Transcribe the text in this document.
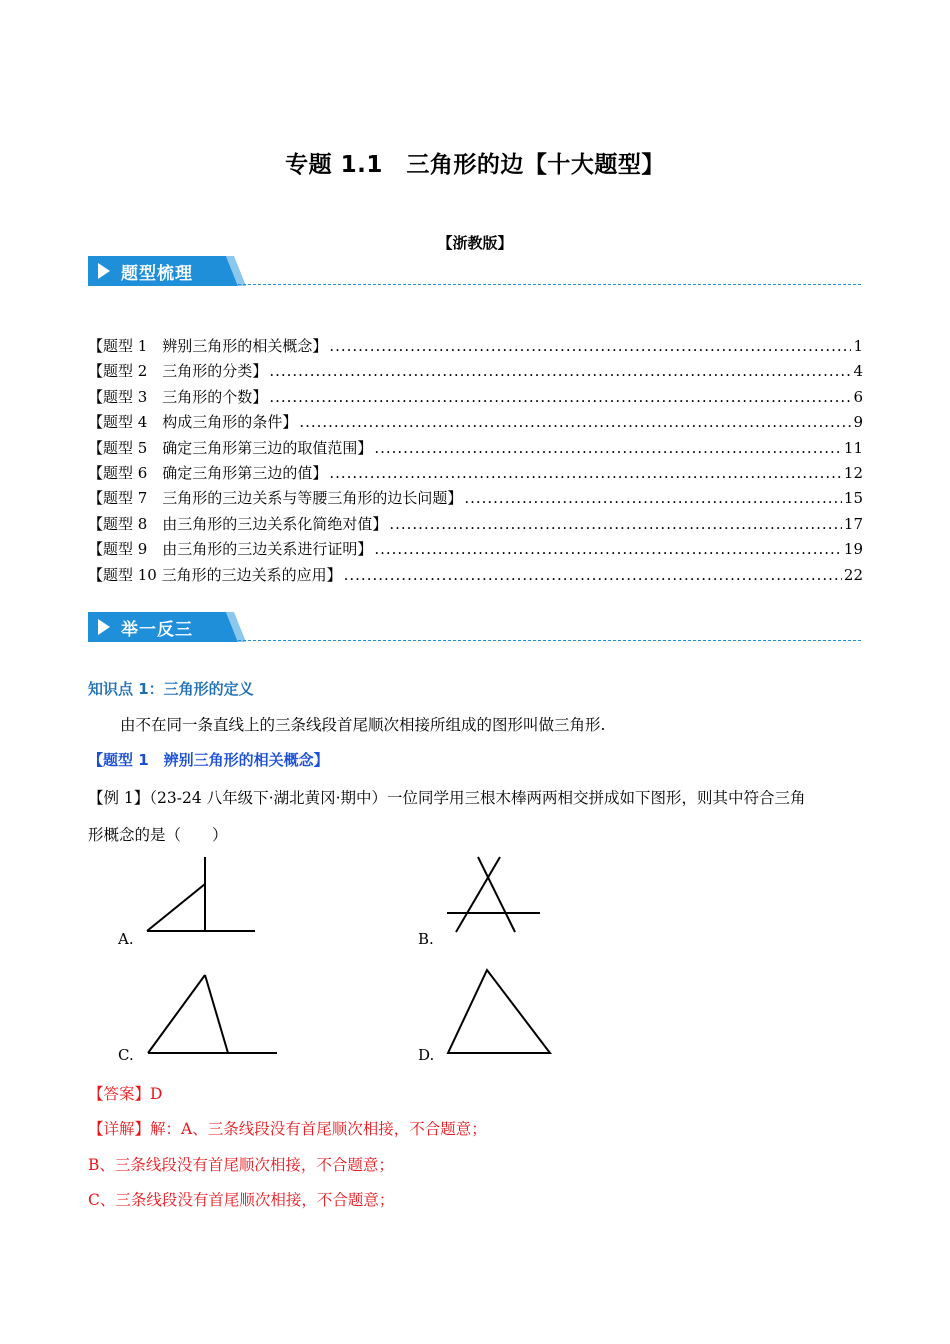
专题 1.1　三角形的边【十大题型】
【浙教版】
题型梳理
【题型 1　辨别三角形的相关概念】 .....	1
【题型 2　三角形的分类】 .....	4
【题型 3　三角形的个数】 .....	6
【题型 4　构成三角形的条件】 .....	9
【题型 5　确定三角形第三边的取值范围】 .....	11
【题型 6　确定三角形第三边的值】 .....	12
【题型 7　三角形的三边关系与等腰三角形的边长问题】 .....	15
【题型 8　由三角形的三边关系化简绝对值】 .....	17
【题型 9　由三角形的三边关系进行证明】 .....	19
【题型 10 三角形的三边关系的应用】 .....	22
举一反三
知识点 1：三角形的定义
由不在同一条直线上的三条线段首尾顺次相接所组成的图形叫做三角形.
【题型 1　辨别三角形的相关概念】
【例 1】（23-24 八年级下·湖北黄冈·期中）一位同学用三根木棒两两相交拼成如下图形，则其中符合三角
形概念的是（　　）
A.	B.
C.	D.
【答案】D
【详解】解：A、三条线段没有首尾顺次相接，不合题意；
B、三条线段没有首尾顺次相接，不合题意；
C、三条线段没有首尾顺次相接，不合题意；
